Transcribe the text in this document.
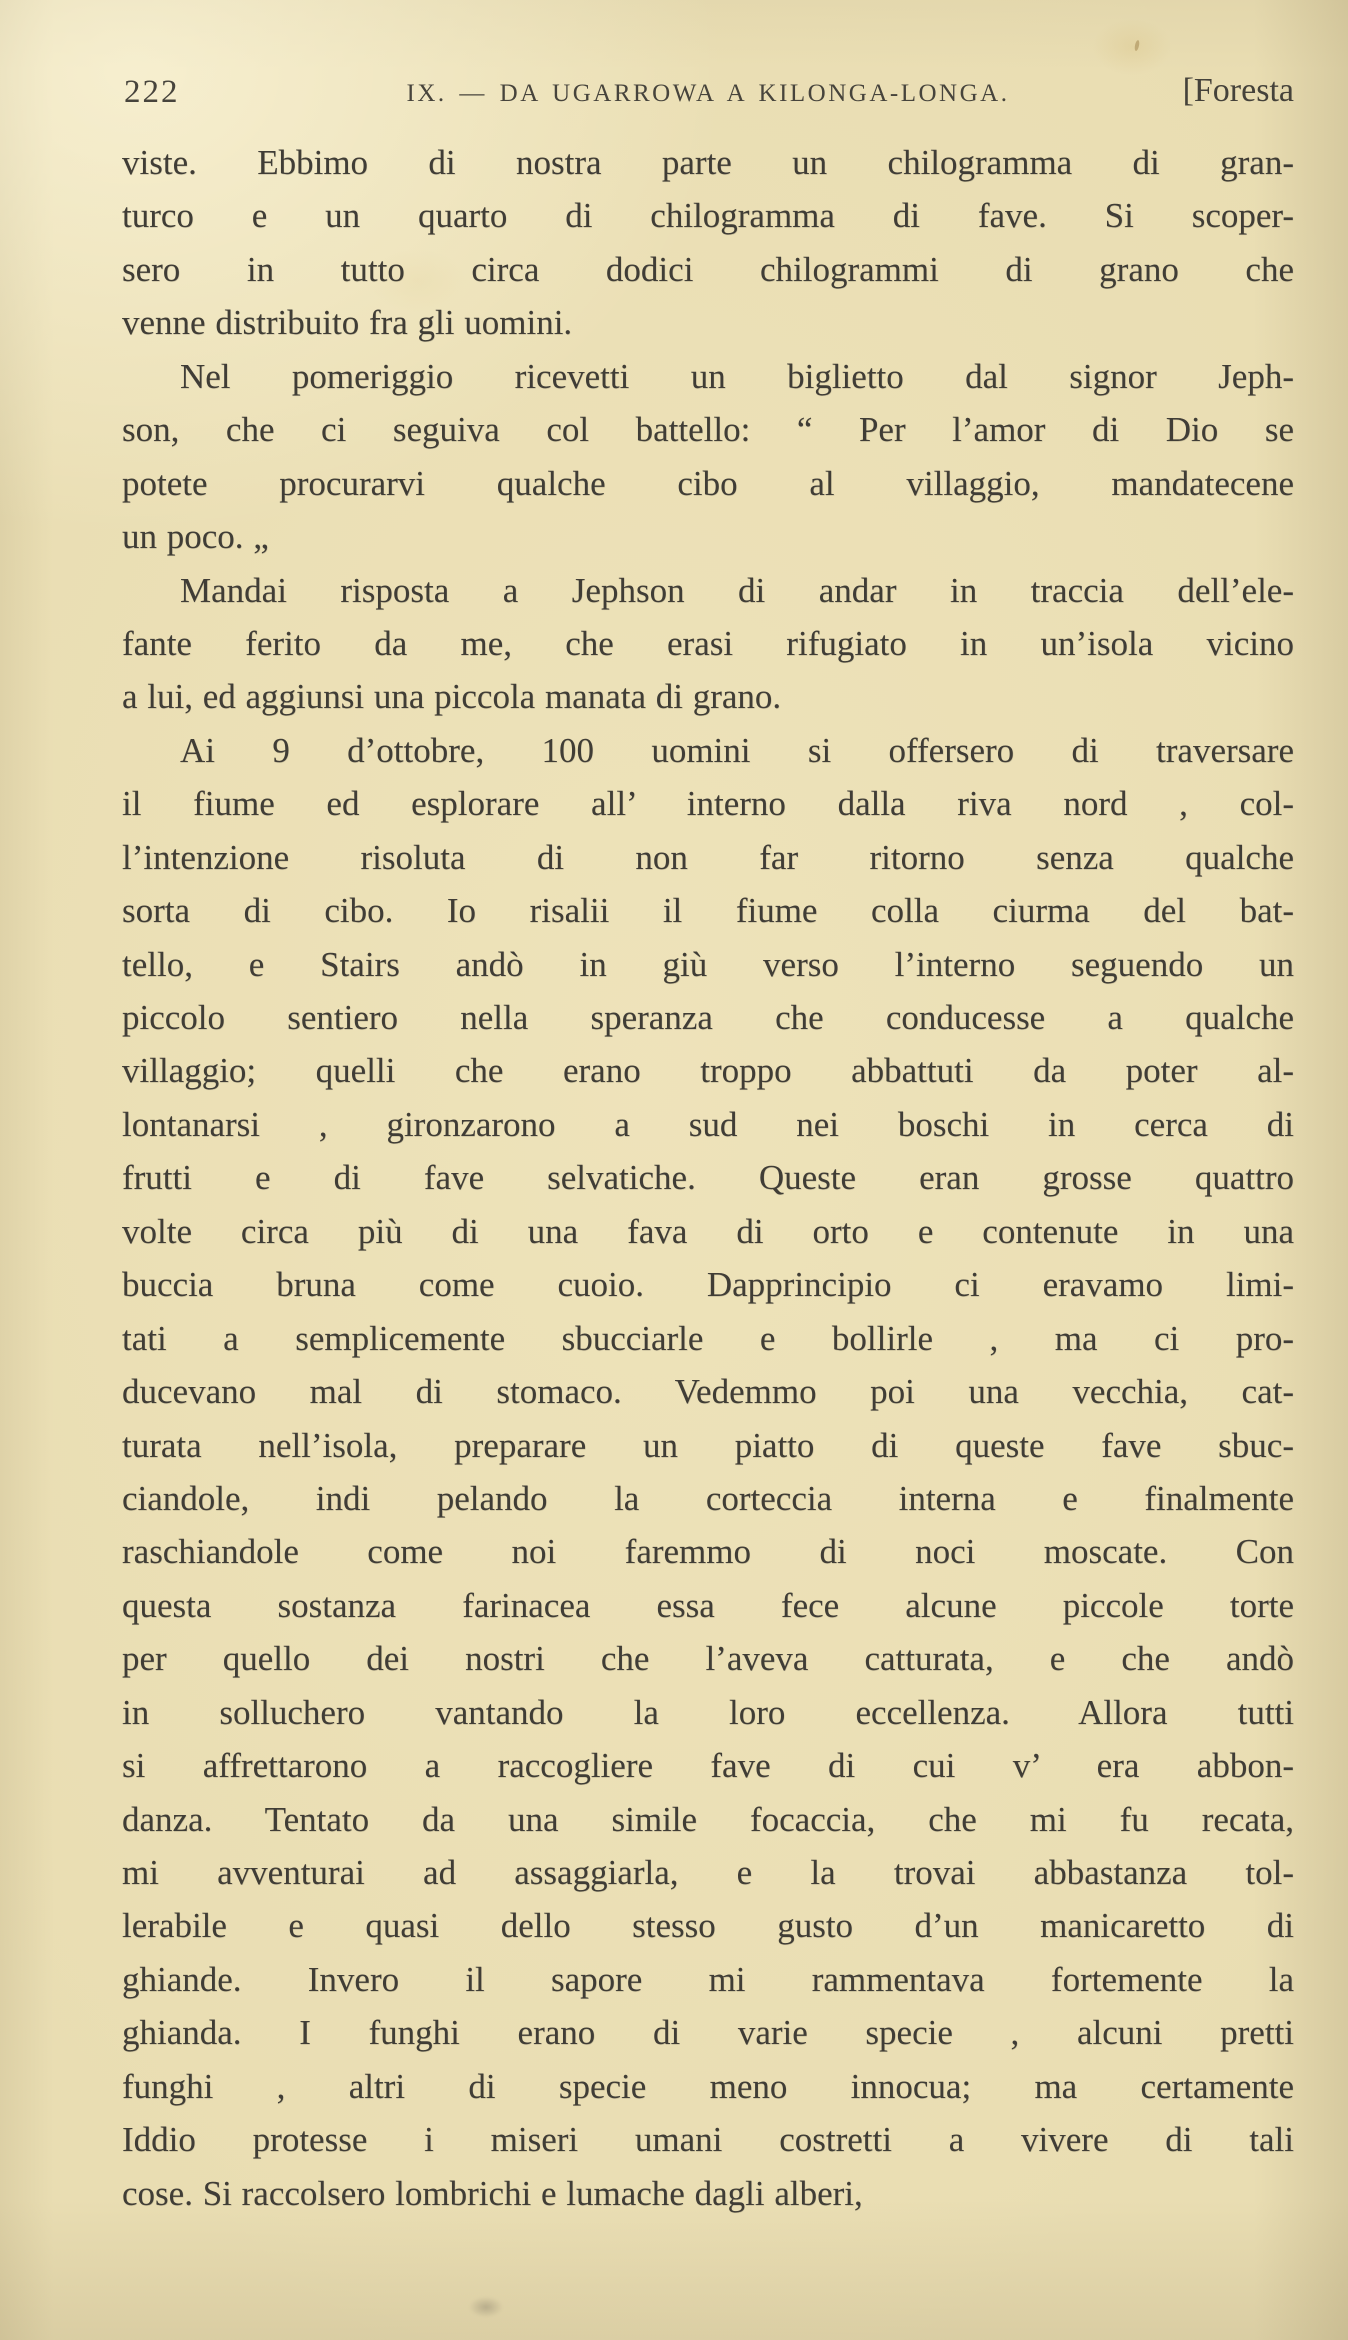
222	IX. — DA UGARROWA A KILONGA-LONGA.	[Foresta
viste. Ebbimo di nostra parte un chilogramma di gran-
turco e un quarto di chilogramma di fave. Si scoper-
sero in tutto circa dodici chilogrammi di grano che
venne distribuito fra gli uomini.
Nel pomeriggio ricevetti un biglietto dal signor Jeph-
son, che ci seguiva col battello: “ Per l’amor di Dio se
potete procurarvi qualche cibo al villaggio, mandatecene
un poco. „
Mandai risposta a Jephson di andar in traccia dell’ele-
fante ferito da me, che erasi rifugiato in un’isola vicino
a lui, ed aggiunsi una piccola manata di grano.
Ai 9 d’ottobre, 100 uomini si offersero di traversare
il fiume ed esplorare all’ interno dalla riva nord , col-
l’intenzione risoluta di non far ritorno senza qualche
sorta di cibo. Io risalii il fiume colla ciurma del bat-
tello, e Stairs andò in giù verso l’interno seguendo un
piccolo sentiero nella speranza che conducesse a qualche
villaggio; quelli che erano troppo abbattuti da poter al-
lontanarsi , gironzarono a sud nei boschi in cerca di
frutti e di fave selvatiche. Queste eran grosse quattro
volte circa più di una fava di orto e contenute in una
buccia bruna come cuoio. Dapprincipio ci eravamo limi-
tati a semplicemente sbucciarle e bollirle , ma ci pro-
ducevano mal di stomaco. Vedemmo poi una vecchia, cat-
turata nell’isola, preparare un piatto di queste fave sbuc-
ciandole, indi pelando la corteccia interna e finalmente
raschiandole come noi faremmo di noci moscate. Con
questa sostanza farinacea essa fece alcune piccole torte
per quello dei nostri che l’aveva catturata, e che andò
in solluchero vantando la loro eccellenza. Allora tutti
si affrettarono a raccogliere fave di cui v’ era abbon-
danza. Tentato da una simile focaccia, che mi fu recata,
mi avventurai ad assaggiarla, e la trovai abbastanza tol-
lerabile e quasi dello stesso gusto d’un manicaretto di
ghiande. Invero il sapore mi rammentava fortemente la
ghianda. I funghi erano di varie specie , alcuni pretti
funghi , altri di specie meno innocua; ma certamente
Iddio protesse i miseri umani costretti a vivere di tali
cose. Si raccolsero lombrichi e lumache dagli alberi,
